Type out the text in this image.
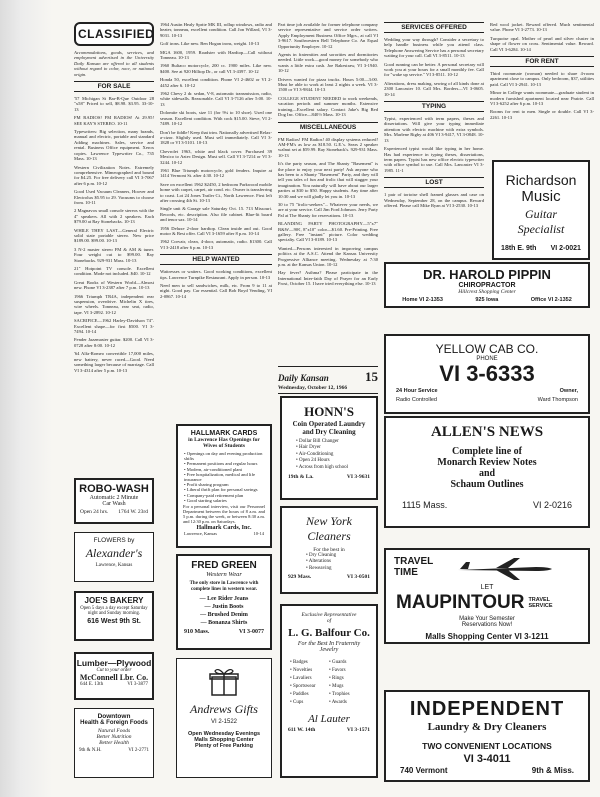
CLASSIFIED
Accommodations, goods, services, and employment advertised in the University Daily Kansan are offered to all students without regard to color, race, or national origin.
FOR SALE

'57 Michigan St Bar-B-Que Outdoor 28 "x58" Priced to sell, $8.98. $3.95. 33-10-13

FM RADIOS! FM RADIOS! At 29.95! SEE KAY'S STEREO. 10-11

Typewriters: Big selection, many brands, manual and electric, portable and standard Adding machines. Sales, service and rental. Business Office equipment. Xerox copies. Lawrence Typewriter Co., 735 Mass. 10-13

Western Civilization Notes. Extremely comprehensive. Mimeographed and bound for $4.25. For free delivery call VI 3-7067 after 6 p.m. 10-12

Good Used Vacuum Cleaners, Hoover and Electrolux $5.95 to 29. Vacuums to choose from. 10-11

2 Magnavox small console stereos with the 4" speakers. All with 2 speakers. Each $79.00 at Ray Stonebacks. 10-13

WHILE THEY LAST—General Electric solid state portable stereo. New price $189.00. $99.00. 10-13

3 N-2 master stereo FM & AM & tuner. Four weight cut to $99.00. Ray Stonebacks. 929-931 Mass. 10-13

21" Hotpoint TV console. Excellent condition. Mode not included. $40. 10-12

Great Books of Western World—Almost new. Phone VI 3-2387 after 7 p.m. 10-13

1966 Triumph TR4A, independent rear suspension, overdrive. Michelin X tires, wire wheels. Tonneau, rear seat, radio, tape. VI 3-2892. 10-12

SACRIFICE—1962 Harley-Davidson 74". Excellent shape—for first $500. VI 3-7494. 10-14

Fender Jazzmaster guitar. $200. Call VI 3-0728 after 8:00. 10-12

'64 Alfa-Romeo convertible 17,000 miles, new battery, never raced—Good. Need something larger because of marriage. Call VI 3-4314 after 5 p.m. 10-13

1964 Austin Healy Sprite MK III, rollup windows, radio and heater, tonneau, excellent condition. Call Jon Willard, VI 3-9031. 10-13

Golf irons. Like new. Ben Hogan irons, weight. 10-13

MGA 1600, 1959. Roadster with Hardtop—Call without Tonneau. 10-13

1960 Bultaco motorcycle, 200 cc. 1900 miles. Like new. $400. See at 920 Hilltop Dr., or call VI 3-4397. 10-12

Honda 50, excellent condition. Phone VI 2-4602 or VI 2-4452 after 6. 10-12

1962 Chevy 2 dr. sedan, V-8, automatic transmission, radio, white sidewalls. Reasonable. Call VI 3-7126 after 5:00. 10-13

Dolomite ski boots, size 11 (for 9¼ to 10 shoe). Used one season. Excellent condition. With cock $15.00. Steve, VI 2-7489. 10-12

Don't be fiddle! Keep that trim. Nationally advertised Relax-a-cizor. Slightly used. Must sell immediately. Call VI 3-1828 or VI 3-5101. 10-13

Chevrolet 1963, white and black cover. Purchased 39 Mexico to Aztec Design. Must sell. Call VI 3-7214 or VI 3-3244. 10-12

1961 Blue Triumph motorcycle, gold fenders. Inquire at 1414 Vermont St. after 4:30. 10-12

Save on excellent 1962 $2450, 2 bedroom Parkwood mobile home with carpet, carpet, air cond. etc. Owner is transferring to coast. Lot 24 Jones Trailer Ct., North Lawrence. First left after crossing 4th St. 10-13

Single unit & Garage sale Saturday Oct. 15. 713 Missouri. Records, etc. description. Also file cabinet. Blue-lit board and tenor sax. 10-14

1956 Deluxe 2-door hardtop. Clean inside and out. Good motor & Best offer. Call VI 3-1659 after 8 p.m. 10-14

1962 Corvair, clean, 4-door, automatic, radio. $1300. Call VI 3-2418 after 6 p.m. 10-13

HELP WANTED

Waitresses or waiters. Good working conditions, excellent tips. Lawrence Turnpike Restaurant. Apply in person. 10-13

Need men to sell sandwiches, milk, etc. From 9 to 11 at night. Good pay. Car essential. Call Bob Boyd Vending, VI 2-0867. 10-14

Part time job available for former telephone company service representative and service order writers. Apply Employment Business Office Mgrs., at call VI 3-9617. Southwestern Bell Telephone Co. An Equal Opportunity Employer. 10-12

Agents in fraternities and sororities and dormitories needed. Little work—good money for somebody who wants a little extra cash. Joe Rakestraw, VI 3-1940. 10-12

Drivers wanted for pizza trucks. Hours 5:00—3:00. Must be able to work at least 2 nights a week. VI 3-1500 or VI 3-9844. 10-13

COLLEGE STUDENT NEEDED to work weekends, vacation periods and summer months. Extensive training—Excellent salary. Contact Jake's Big Red Dog Inc. Office—840½ Mass. 10-13

MISCELLANEOUS

FM Radios! FM Radios! 40 display systems reduced! AM-FM's as low as $18.50. G.E.'s. Sears 2 speaker walnut set at $59.99. Ray Stoneback's. 929-931 Mass. 10-13

It's the party season, and The Shanty "Basement" is the place to enjoy your next party! Ask anyone who has been to a Shanty "Basement" Party, and they will tell you tales of fun and frolic that will stagger your imagination. You naturally will have about our larger parties at $30 to $50. Happy students. Any time after 10:30 and we will gladly let you in. 10-13

30 to 75 "frolic-seekers"... Whatever your needs, we are at your service. Call Jim Ford Johnson. Jerry Party Pal at The Shanty for reservations. 10-13

BLANDING PARTY PHOTOGRAPHY—5"x7" B&W—90¢, 8"x10" color—$1.60. Pre-Printing. Free gallery. Free "instant" picture. Color wedding specialty. Call VI 3-0189. 10-13

Wanted—Persons interested in improving campus politics at the A.S.C. Attend the Kansas University Progressive Alliance meeting. Wednesday at 7:30 p.m. at the Kansas Union. 10-12

Hay fever? Asthma? Please participate in the International Inter-faith Day of Prayer for an Early Frost, October 15. I have tried everything else. 10-13

SERVICES OFFERED

Wedding your way through? Consider a secretary to help handle business while you attend class. Telephone Answering Service has a personal secretary waiting for your call. Call VI 3-8511. 10-13

Good running can be better. A personal secretary will work you at your hours for a small monthly fee. Call for "wake up service." VI 3-8511. 10-12

Alterations, dress making, sewing of all kinds done at 2300 Lancaster 10. Call Mrs. Borders—VI 3-0605. 10-14

TYPING

Typist, experienced with term papers, theses and dissertations. Will give your typing immediate attention with electric machine with extra symbols. Mrs. Marlene Rigby at 406 VI 3-9417, VI 3-0848. 10-13

Experienced typist would like typing in her home. Has had experience in typing theses, dissertations, term papers. Typist has new office electric typewriter with office symbol to use. Call Mrs. Lancaster VI 3-1985. 11-1

LOST

1 pair of tortoise shell framed glasses and case on Wednesday, September 28, on the campus. Reward offered. Please call Mike Ryan at VI 3-2530. 10-13

Red wool jacket. Reward offered. Much sentimental value. Phone VI 3-2773. 10-13

Turquoise opal. Mother of pearl and silver cluster in shape of flower on cross. Sentimental value. Reward. Call VI 3-6284. 10-14

FOR RENT

Third roommate (woman) needed to share 4-room apartment close to campus. Only bedroom, $37, utilities paid. Call VI 3-2941. 10-13

Minor in College wants roommate—graduate student in modern furnished apartment located near Prairie. Call VI 3-6252 after 6 p.m. 10-13

Rooms for rent to men. Single or double. Call VI 3-2261. 10-13

Richardson
Music
Guitar
Specialist
18th E. 9th VI 2-0021
DR. HAROLD PIPPIN
CHIROPRACTOR
Hillcrest Shopping Center
Home VI 2-1353	925 Iowa	Office VI 2-1352
YELLOW CAB CO.
PHONE
VI 3-6333
24 Hour Service	Owner,
Radio Controlled	Ward Thompson
ALLEN'S NEWS
Complete line of
Monarch Review Notes
and
Schaum Outlines
1115 Mass.	VI 2-0216
TRAVEL
TIME
LET
MAUPINTOUR TRAVEL SERVICE
Make Your Semester
Reservations Now!
Malls Shopping Center VI 3-1211
INDEPENDENT
Laundry & Dry Cleaners
TWO CONVENIENT LOCATIONS
VI 3-4011
740 Vermont	9th & Miss.
ROBO-WASH
Automatic 2 Minute
Car Wash
Open 24 hrs. 1764 W. 23rd
FLOWERS by
Alexander's
Lawrence, Kansas
JOE'S BAKERY
Open 5 days a day except Saturday night and Sunday morning.
616 West 9th St.
Lumber—Plywood
Cut to your order
McConnell Lbr. Co.
644 E. 13th	VI 3-3877
Downtown
Health & Foreign Foods
Natural Foods
Better Nutrition
Better Health
9th & N.H.	VI 2-2771
HALLMARK CARDS
in Lawrence Has Openings for Wives of Students
• Openings on day and evening production shifts
• Permanent positions and regular hours
• Modern, air-conditioned plant
• Free hospitalization, medical and life insurance
• Profit sharing program
• Liberal thrift plan for personal savings
• Company-paid retirement plan
• Good starting salaries
For a personal interview, visit our Personnel Department between the hours of 8 a.m. and 5 p.m. during the week, or between 8:30 a.m. and 12:30 p.m. on Saturdays.
Hallmark Cards, Inc.
Lawrence, Kansas	10-14
FRED GREEN
Western Wear
The only store in Lawrence with complete lines in western wear.
— Lee Rider Jeans
— Justin Boots
— Brushed Denim
— Bonanza Shirts
910 Mass.	VI 3-0077
Andrews Gifts
VI 2-1522
Open Wednesday Evenings
Malls Shopping Center
Plenty of Free Parking
Daily Kansan	15
Wednesday, October 12, 1966
HONN'S
Coin Operated Laundry and Dry Cleaning
• Dollar Bill Changer
• Hair Dryer
• Air-Conditioning
• Open 24 Hours
• Across from high school
19th & La.	VI 3-9631
New York
Cleaners
For the best in
• Dry Cleaning
• Alterations
• Reweaving
929 Mass.	VI 3-0501
Exclusive Representative
of
L. G. Balfour Co.
For the Best In Fraternity Jewelry
• Badges	• Guards
• Novelties	• Favors
• Lavaliers	• Rings
• Sportswear	• Mugs
• Paddles	• Trophies
• Cups	• Awards
Al Lauter
611 W. 14th	VI 3-1571
